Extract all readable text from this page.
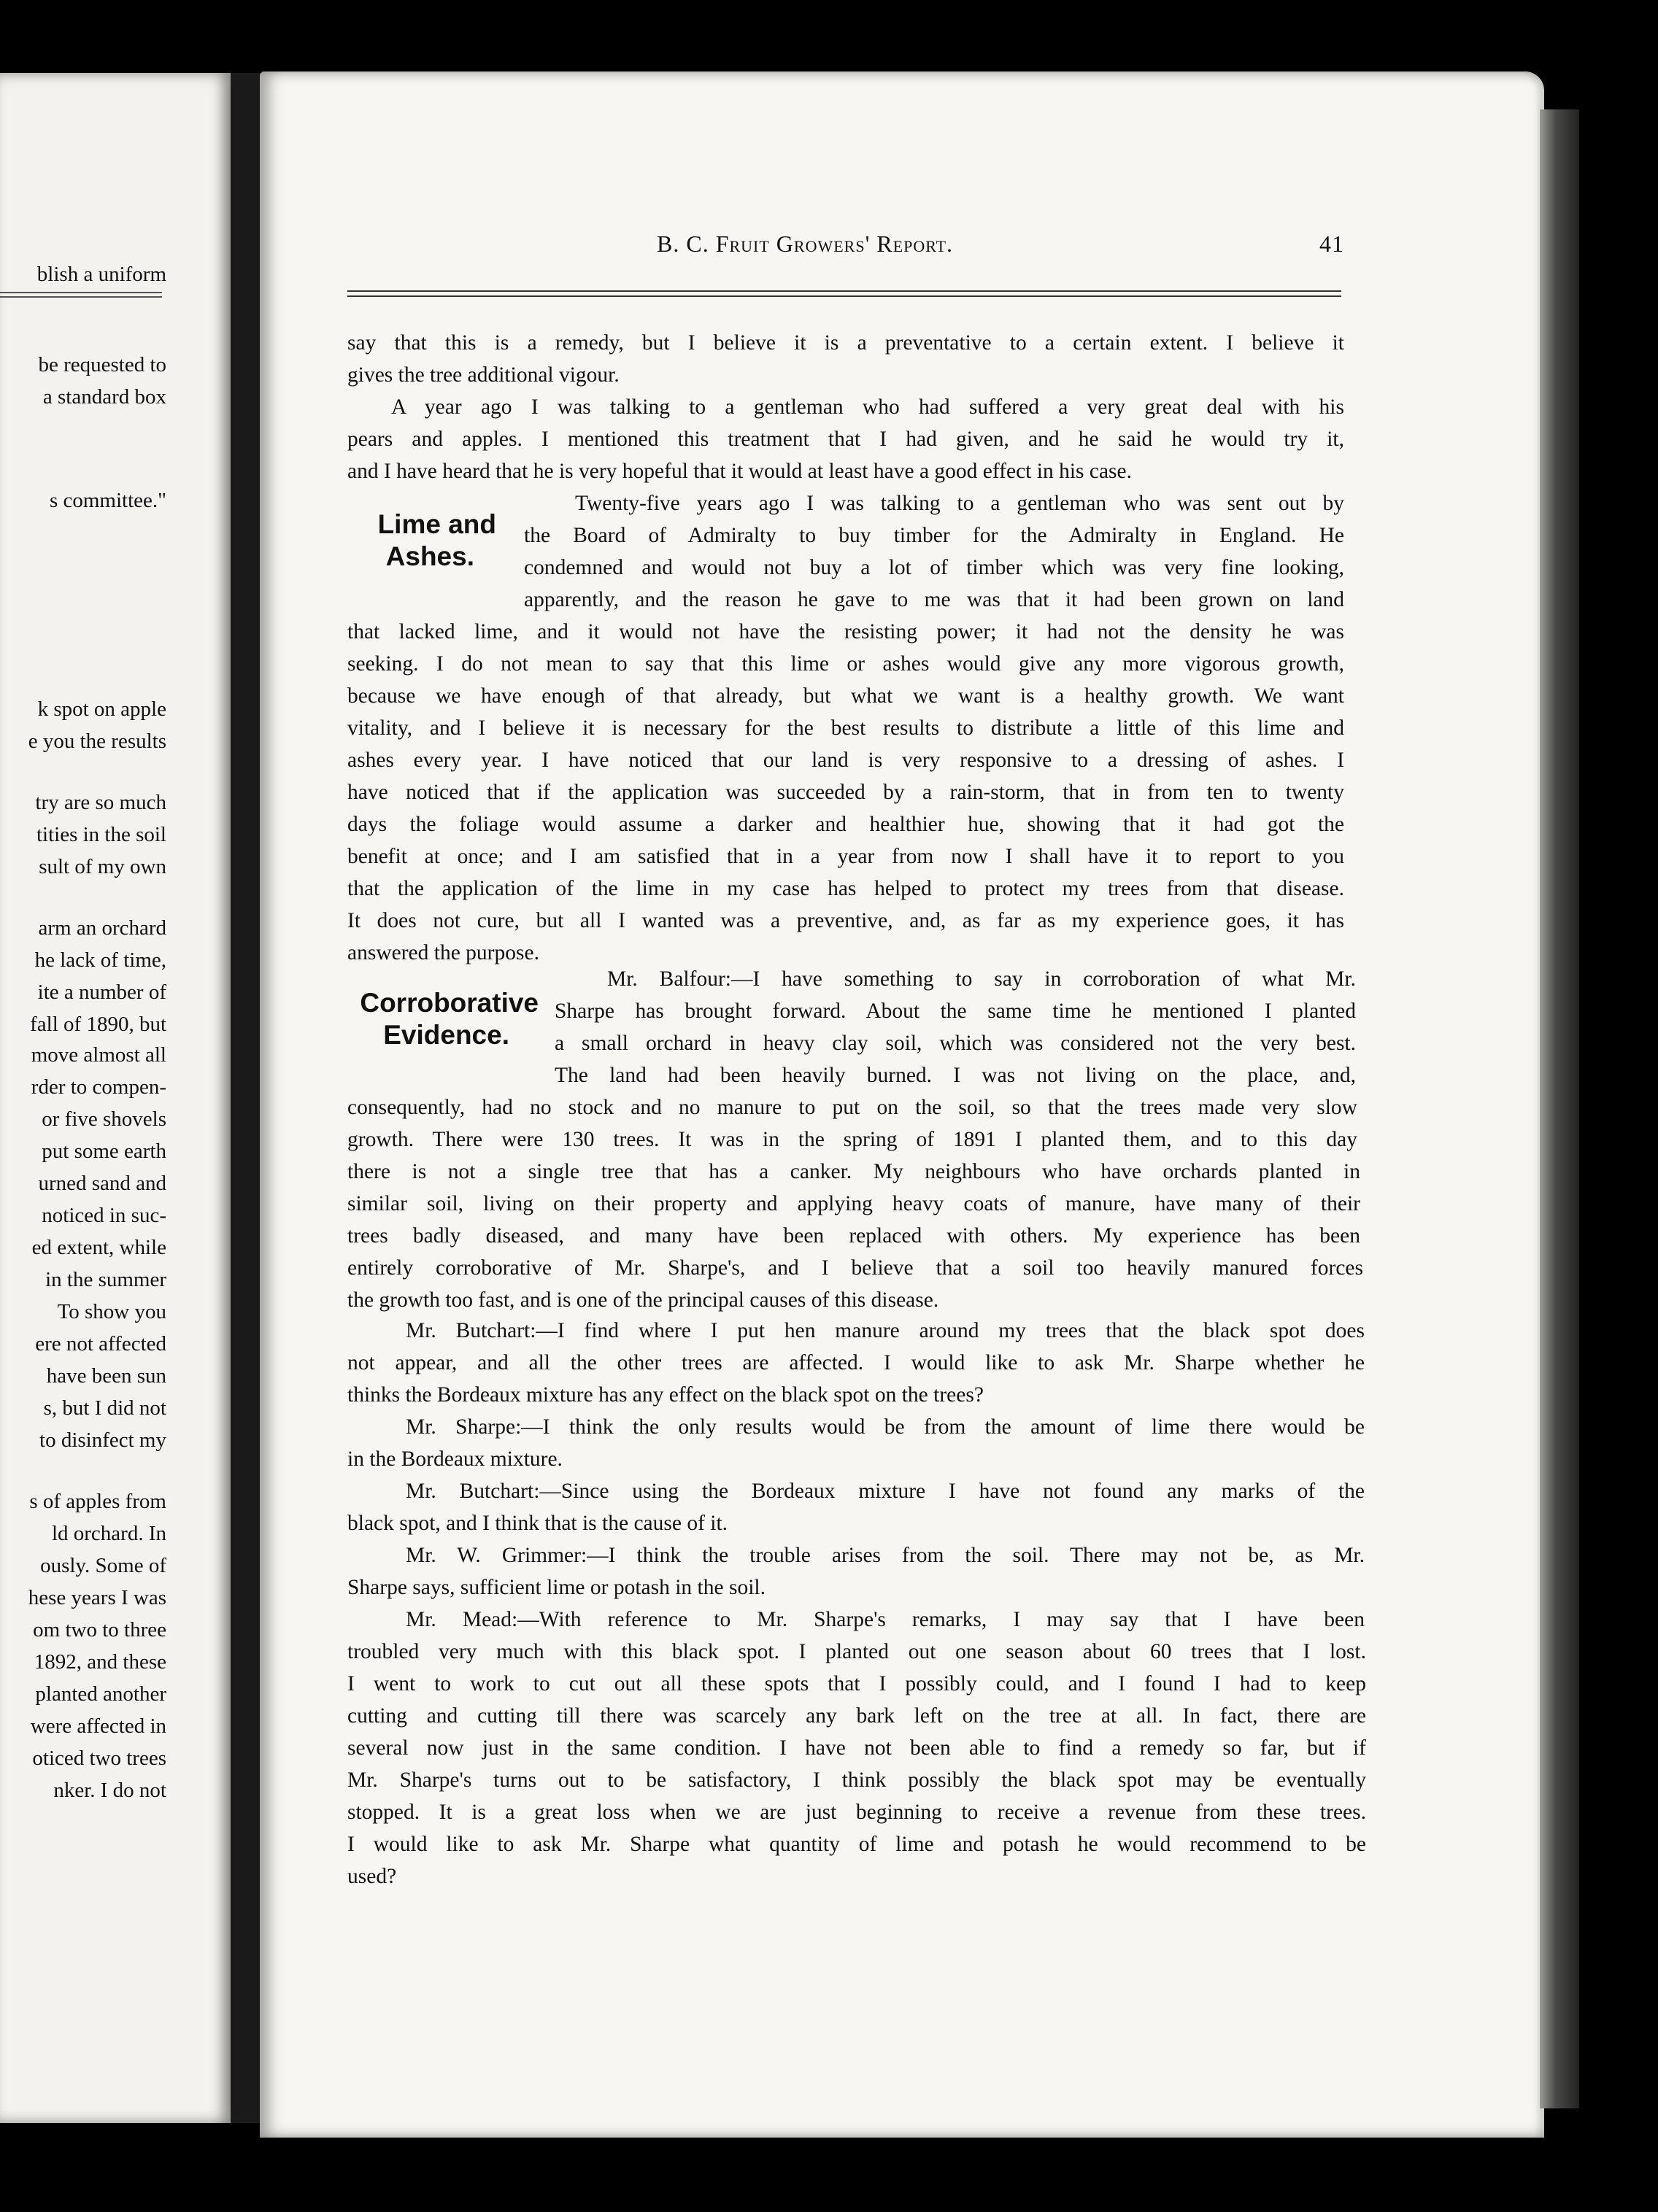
blish a uniform
be requested to
a standard box
s committee."
k spot on apple
e you the results
try are so much
tities in the soil
sult of my own
arm an orchard
he lack of time,
ite a number of
fall of 1890, but
move almost all
rder to compen-
or five shovels
put some earth
urned sand and
noticed in suc-
ed extent, while
in the summer
To show you
ere not affected
have been sun
s, but I did not
to disinfect my
s of apples from
ld orchard. In
ously. Some of
hese years I was
om two to three
1892, and these
planted another
were affected in
oticed two trees
nker. I do not
B. C. Fruit Growers' Report.	41
Lime and
Ashes.
Corroborative
Evidence.
say that this is a remedy, but I believe it is a preventative to a certain extent. I believe it
gives the tree additional vigour.
A year ago I was talking to a gentleman who had suffered a very great deal with his
pears and apples. I mentioned this treatment that I had given, and he said he would try it,
and I have heard that he is very hopeful that it would at least have a good effect in his case.
Twenty-five years ago I was talking to a gentleman who was sent out by
the Board of Admiralty to buy timber for the Admiralty in England. He
condemned and would not buy a lot of timber which was very fine looking,
apparently, and the reason he gave to me was that it had been grown on land
that lacked lime, and it would not have the resisting power; it had not the density he was
seeking. I do not mean to say that this lime or ashes would give any more vigorous growth,
because we have enough of that already, but what we want is a healthy growth. We want
vitality, and I believe it is necessary for the best results to distribute a little of this lime and
ashes every year. I have noticed that our land is very responsive to a dressing of ashes. I
have noticed that if the application was succeeded by a rain-storm, that in from ten to twenty
days the foliage would assume a darker and healthier hue, showing that it had got the
benefit at once; and I am satisfied that in a year from now I shall have it to report to you
that the application of the lime in my case has helped to protect my trees from that disease.
It does not cure, but all I wanted was a preventive, and, as far as my experience goes, it has
answered the purpose.
Mr. Balfour:—I have something to say in corroboration of what Mr.
Sharpe has brought forward. About the same time he mentioned I planted
a small orchard in heavy clay soil, which was considered not the very best.
The land had been heavily burned. I was not living on the place, and,
consequently, had no stock and no manure to put on the soil, so that the trees made very slow
growth. There were 130 trees. It was in the spring of 1891 I planted them, and to this day
there is not a single tree that has a canker. My neighbours who have orchards planted in
similar soil, living on their property and applying heavy coats of manure, have many of their
trees badly diseased, and many have been replaced with others. My experience has been
entirely corroborative of Mr. Sharpe's, and I believe that a soil too heavily manured forces
the growth too fast, and is one of the principal causes of this disease.
Mr. Butchart:—I find where I put hen manure around my trees that the black spot does
not appear, and all the other trees are affected. I would like to ask Mr. Sharpe whether he
thinks the Bordeaux mixture has any effect on the black spot on the trees?
Mr. Sharpe:—I think the only results would be from the amount of lime there would be
in the Bordeaux mixture.
Mr. Butchart:—Since using the Bordeaux mixture I have not found any marks of the
black spot, and I think that is the cause of it.
Mr. W. Grimmer:—I think the trouble arises from the soil. There may not be, as Mr.
Sharpe says, sufficient lime or potash in the soil.
Mr. Mead:—With reference to Mr. Sharpe's remarks, I may say that I have been
troubled very much with this black spot. I planted out one season about 60 trees that I lost.
I went to work to cut out all these spots that I possibly could, and I found I had to keep
cutting and cutting till there was scarcely any bark left on the tree at all. In fact, there are
several now just in the same condition. I have not been able to find a remedy so far, but if
Mr. Sharpe's turns out to be satisfactory, I think possibly the black spot may be eventually
stopped. It is a great loss when we are just beginning to receive a revenue from these trees.
I would like to ask Mr. Sharpe what quantity of lime and potash he would recommend to be
used?
